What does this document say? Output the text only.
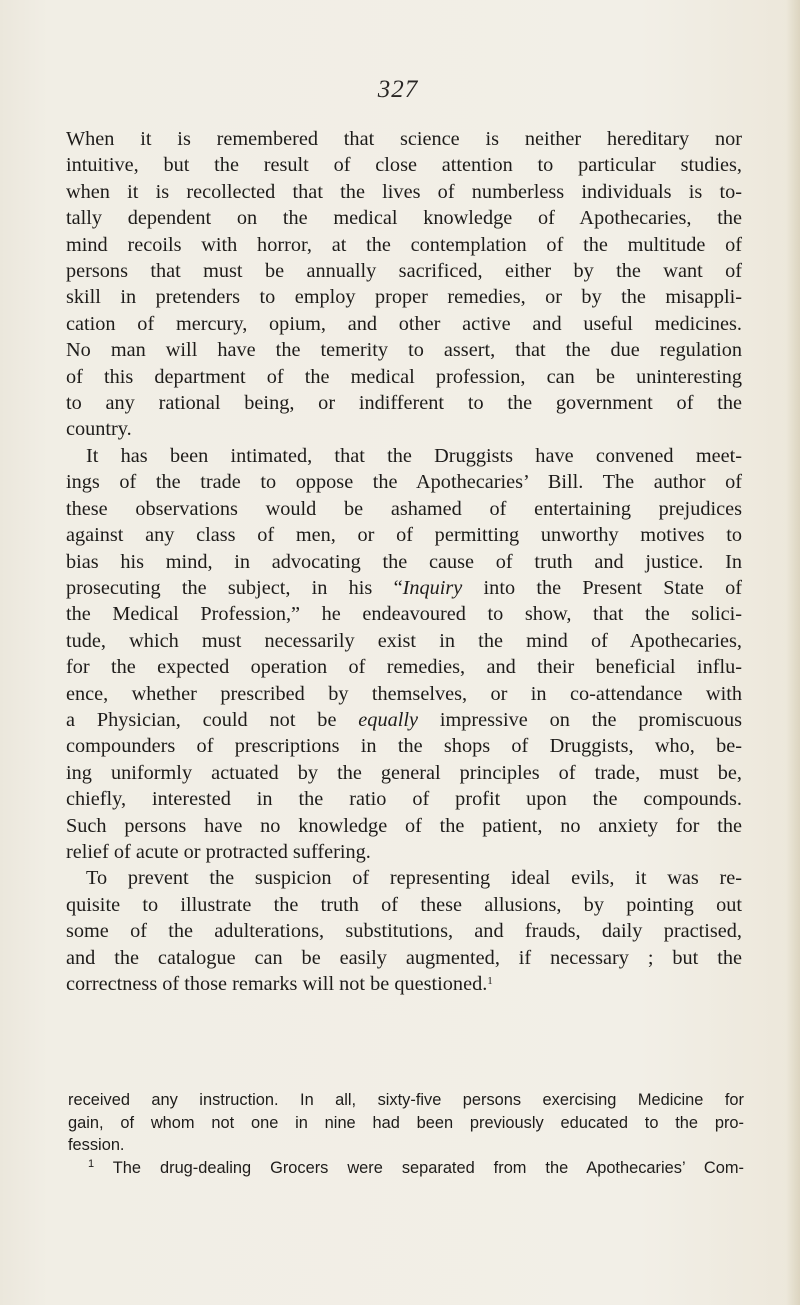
327
When it is remembered that science is neither hereditary nor
intuitive, but the result of close attention to particular studies,
when it is recollected that the lives of numberless individuals is to-
tally dependent on the medical knowledge of Apothecaries, the
mind recoils with horror, at the contemplation of the multitude of
persons that must be annually sacrificed, either by the want of
skill in pretenders to employ proper remedies, or by the misappli-
cation of mercury, opium, and other active and useful medicines.
No man will have the temerity to assert, that the due regulation
of this department of the medical profession, can be uninteresting
to any rational being, or indifferent to the government of the
country.
It has been intimated, that the Druggists have convened meet-
ings of the trade to oppose the Apothecaries’ Bill. The author of
these observations would be ashamed of entertaining prejudices
against any class of men, or of permitting unworthy motives to
bias his mind, in advocating the cause of truth and justice. In
prosecuting the subject, in his “Inquiry into the Present State of
the Medical Profession,” he endeavoured to show, that the solici-
tude, which must necessarily exist in the mind of Apothecaries,
for the expected operation of remedies, and their beneficial influ-
ence, whether prescribed by themselves, or in co-attendance with
a Physician, could not be equally impressive on the promiscuous
compounders of prescriptions in the shops of Druggists, who, be-
ing uniformly actuated by the general principles of trade, must be,
chiefly, interested in the ratio of profit upon the compounds.
Such persons have no knowledge of the patient, no anxiety for the
relief of acute or protracted suffering.
To prevent the suspicion of representing ideal evils, it was re-
quisite to illustrate the truth of these allusions, by pointing out
some of the adulterations, substitutions, and frauds, daily practised,
and the catalogue can be easily augmented, if necessary ; but the
correctness of those remarks will not be questioned.$^1$
received any instruction. In all, sixty-five persons exercising Medicine for
gain, of whom not one in nine had been previously educated to the pro-
fession.
$^1$ The drug-dealing Grocers were separated from the Apothecaries’ Com-
